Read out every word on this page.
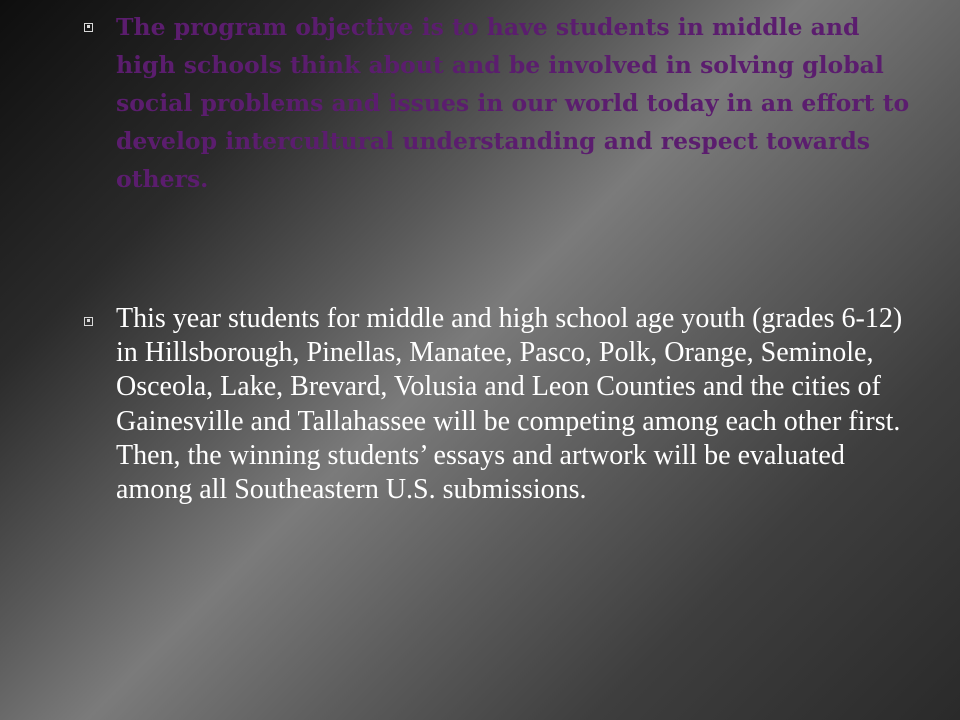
The program objective is to have students in middle and high schools think about and be involved in solving global social problems and issues in our world today in an effort to develop intercultural understanding and respect towards others.
This year students for middle and high school age youth (grades 6-12) in Hillsborough, Pinellas, Manatee, Pasco, Polk, Orange, Seminole, Osceola, Lake, Brevard, Volusia and Leon Counties and the cities of Gainesville and Tallahassee will be competing among each other first. Then, the winning students’ essays and artwork will be evaluated among all Southeastern U.S. submissions.
